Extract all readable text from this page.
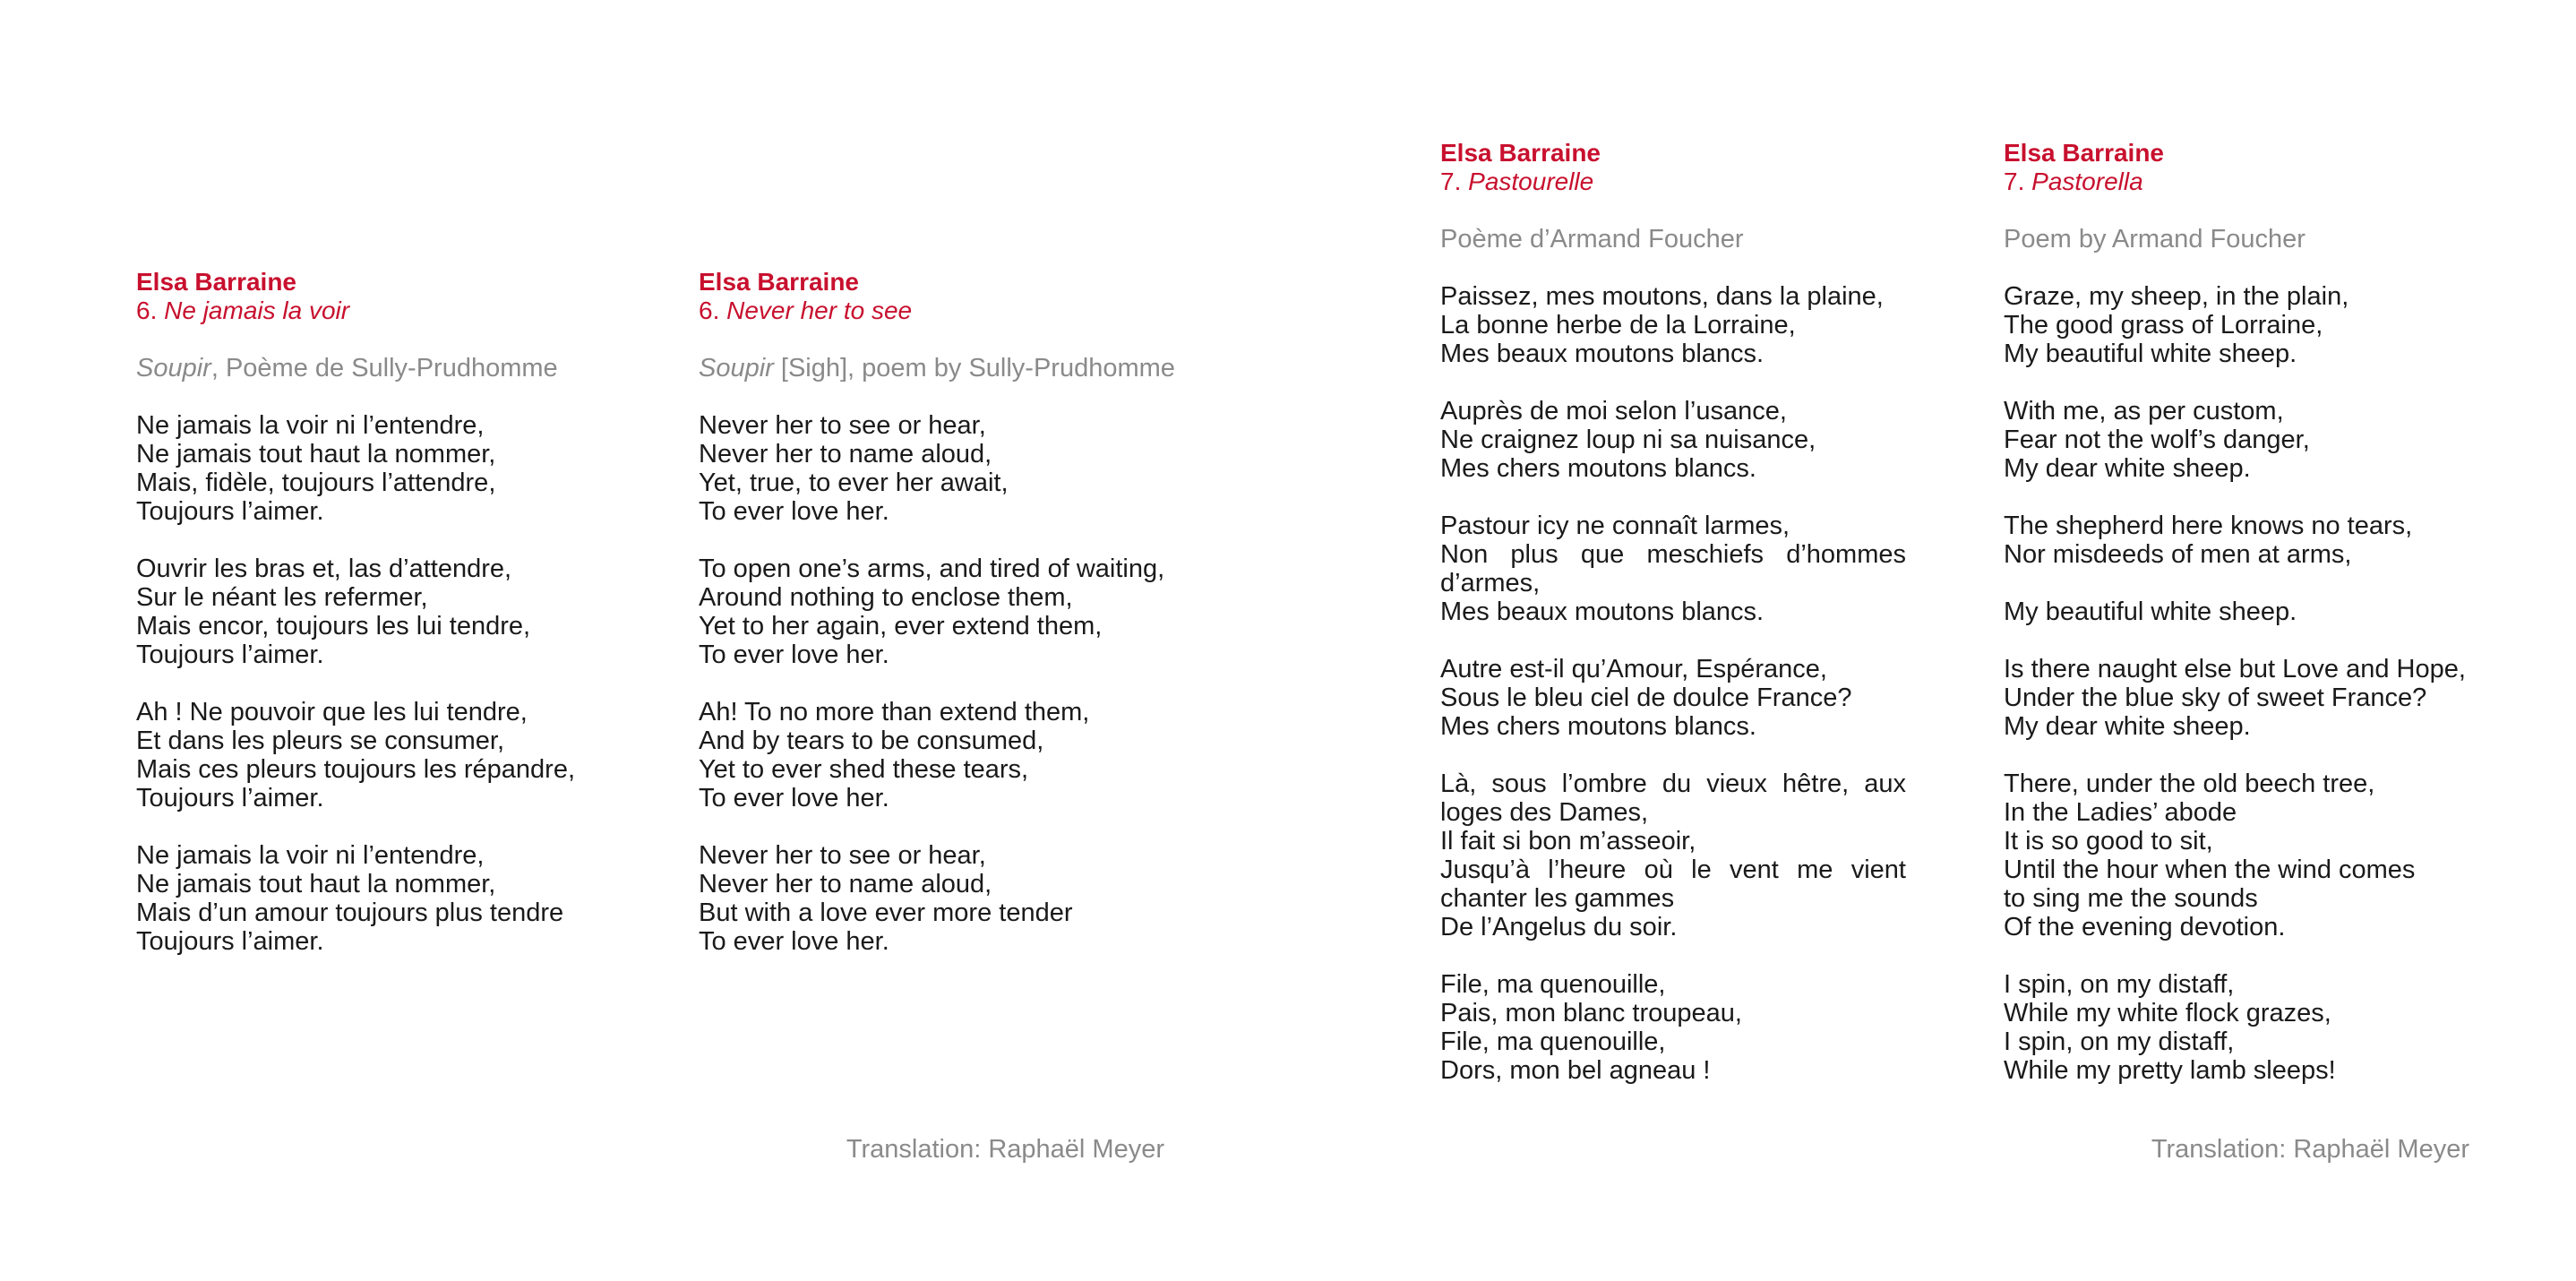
Elsa Barraine
6. Ne jamais la voir
Soupir, Poème de Sully-Prudhomme
Ne jamais la voir ni l’entendre,
Ne jamais tout haut la nommer,
Mais, fidèle, toujours l’attendre,
Toujours l’aimer.
Ouvrir les bras et, las d’attendre,
Sur le néant les refermer,
Mais encor, toujours les lui tendre,
Toujours l’aimer.
Ah ! Ne pouvoir que les lui tendre,
Et dans les pleurs se consumer,
Mais ces pleurs toujours les répandre,
Toujours l’aimer.
Ne jamais la voir ni l’entendre,
Ne jamais tout haut la nommer,
Mais d’un amour toujours plus tendre
Toujours l’aimer.
Elsa Barraine
6. Never her to see
Soupir [Sigh], poem by Sully-Prudhomme
Never her to see or hear,
Never her to name aloud,
Yet, true, to ever her await,
To ever love her.
To open one’s arms, and tired of waiting,
Around nothing to enclose them,
Yet to her again, ever extend them,
To ever love her.
Ah! To no more than extend them,
And by tears to be consumed,
Yet to ever shed these tears,
To ever love her.
Never her to see or hear,
Never her to name aloud,
But with a love ever more tender
To ever love her.
Translation: Raphaël Meyer
Elsa Barraine
7. Pastourelle
Poème d’Armand Foucher
Paissez, mes moutons, dans la plaine,
La bonne herbe de la Lorraine,
Mes beaux moutons blancs.
Auprès de moi selon l’usance,
Ne craignez loup ni sa nuisance,
Mes chers moutons blancs.
Pastour icy ne connaît larmes,
Non plus que meschiefs d’hommes d’armes,
Mes beaux moutons blancs.
Autre est-il qu’Amour, Espérance,
Sous le bleu ciel de doulce France?
Mes chers moutons blancs.
Là, sous l’ombre du vieux hêtre, aux loges des Dames,
Il fait si bon m’asseoir,
Jusqu’à l’heure où le vent me vient chanter les gammes
De l’Angelus du soir.
File, ma quenouille,
Pais, mon blanc troupeau,
File, ma quenouille,
Dors, mon bel agneau !
Elsa Barraine
7. Pastorella
Poem by Armand Foucher
Graze, my sheep, in the plain,
The good grass of Lorraine,
My beautiful white sheep.
With me, as per custom,
Fear not the wolf’s danger,
My dear white sheep.
The shepherd here knows no tears,
Nor misdeeds of men at arms,
My beautiful white sheep.
Is there naught else but Love and Hope,
Under the blue sky of sweet France?
My dear white sheep.
There, under the old beech tree,
In the Ladies’ abode
It is so good to sit,
Until the hour when the wind comes
to sing me the sounds
Of the evening devotion.
I spin, on my distaff,
While my white flock grazes,
I spin, on my distaff,
While my pretty lamb sleeps!
Translation: Raphaël Meyer
